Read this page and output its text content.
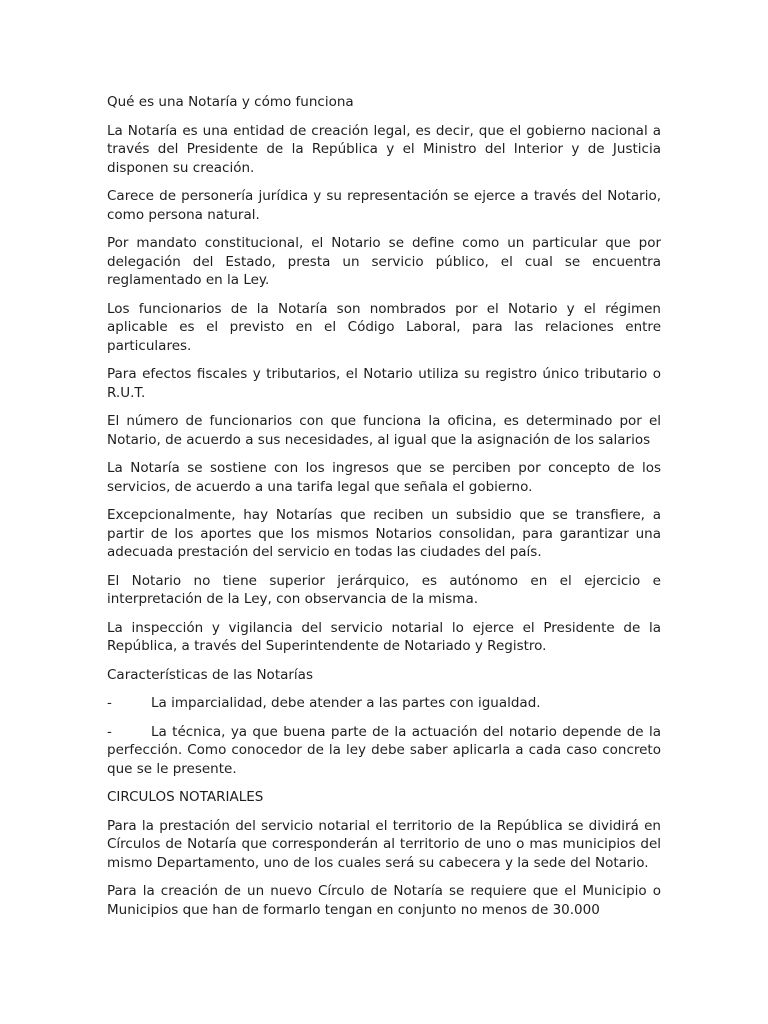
Qué es una Notaría y cómo funciona

La Notaría es una entidad de creación legal, es decir, que el gobierno nacional a través del Presidente de la República y el Ministro del Interior y de Justicia disponen su creación.

Carece de personería jurídica y su representación se ejerce a través del Notario, como persona natural.

Por mandato constitucional, el Notario se define como un particular que por delegación del Estado, presta un servicio público, el cual se encuentra reglamentado en la Ley.

Los funcionarios de la Notaría son nombrados por el Notario y el régimen aplicable es el previsto en el Código Laboral, para las relaciones entre particulares.

Para efectos fiscales y tributarios, el Notario utiliza su registro único tributario o R.U.T.

El número de funcionarios con que funciona la oficina, es determinado por el Notario, de acuerdo a sus necesidades, al igual que la asignación de los salarios

La Notaría se sostiene con los ingresos que se perciben por concepto de los servicios, de acuerdo a una tarifa legal que señala el gobierno.

Excepcionalmente, hay Notarías que reciben un subsidio que se transfiere, a partir de los aportes que los mismos Notarios consolidan, para garantizar una adecuada prestación del servicio en todas las ciudades del país.

El Notario no tiene superior jerárquico, es autónomo en el ejercicio e interpretación de la Ley, con observancia de la misma.

La inspección y vigilancia del servicio notarial lo ejerce el Presidente de la República, a través del Superintendente de Notariado y Registro.

Características de las Notarías

-	La imparcialidad, debe atender a las partes con igualdad.

-	La técnica, ya que buena parte de la actuación del notario depende de la perfección. Como conocedor de la ley debe saber aplicarla a cada caso concreto que se le presente.

CIRCULOS NOTARIALES

Para la prestación del servicio notarial el territorio de la República se dividirá en Círculos de Notaría que corresponderán al territorio de uno o mas municipios del mismo Departamento, uno de los cuales será su cabecera y la sede del Notario.

Para la creación de un nuevo Círculo de Notaría se requiere que el Municipio o Municipios que han de formarlo tengan en conjunto no menos de 30.000
